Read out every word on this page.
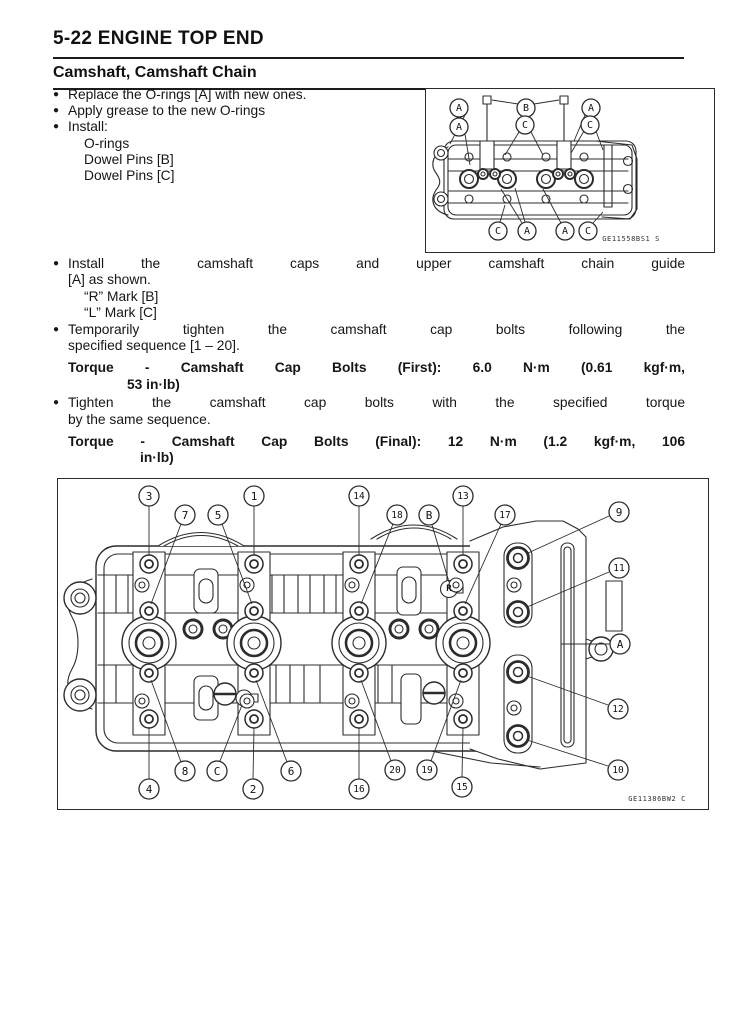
5-22 ENGINE TOP END
Camshaft, Camshaft Chain
● Replace the O-rings [A] with new ones.
● Apply grease to the new O-rings
● Install:
O-rings
Dowel Pins [B]
Dowel Pins [C]
A	B	A
A	C	C
C A	A C
GE11558BS1 S
● Install the camshaft caps and upper camshaft chain guide
[A] as shown.
“R” Mark [B]
“L” Mark [C]
● Temporarily tighten the camshaft cap bolts following the
specified sequence [1 – 20].
Torque - Camshaft Cap Bolts (First): 6.0 N·m (0.61 kgf·m,
53 in·lb)
● Tighten the camshaft cap bolts with the specified torque
by the same sequence.
Torque - Camshaft Cap Bolts (Final): 12 N·m (1.2 kgf·m, 106
in·lb)
R
3	1	14	13
7 5	18 B	17	9
11
A
12
10
8 C	6	20 19
4	2	16	15
GE11386BW2 C
